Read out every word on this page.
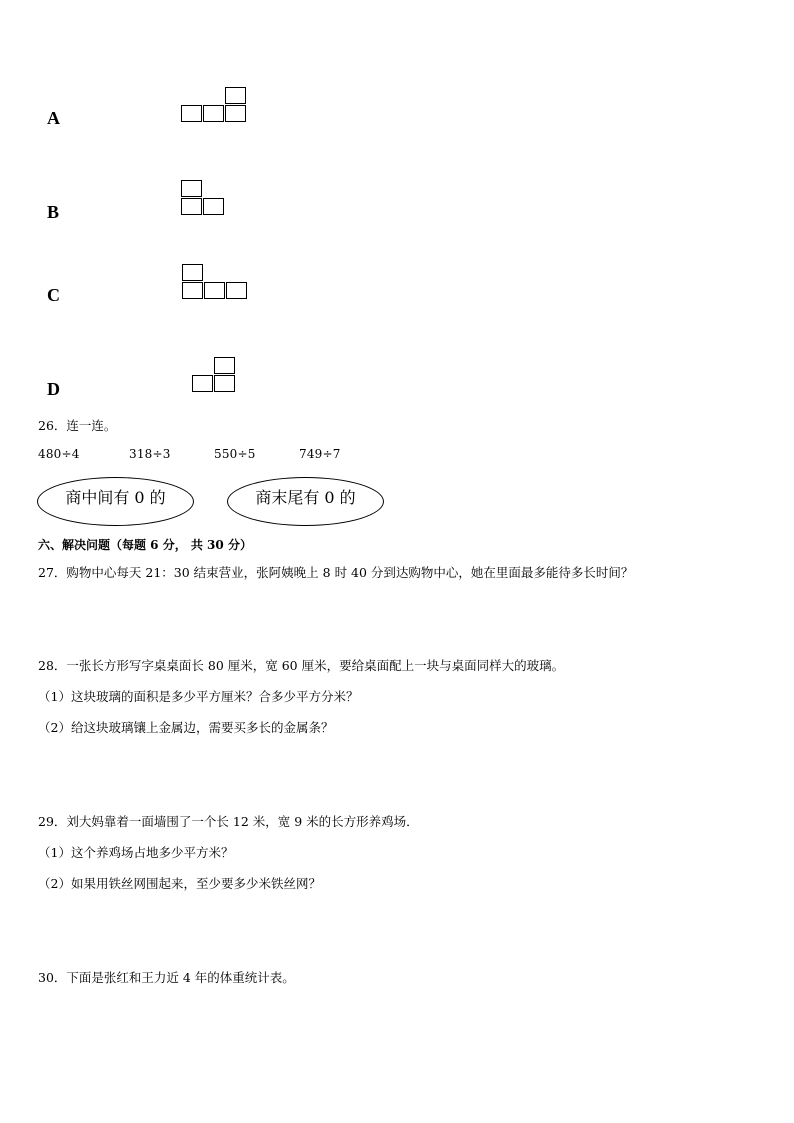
A
B
C
D
26．连一连。
480÷4	318÷3	550÷5	749÷7
商中间有 0 的	商末尾有 0 的
六、解决问题（每题 6 分， 共 30 分）
27．购物中心每天 21：30 结束营业，张阿姨晚上 8 时 40 分到达购物中心，她在里面最多能待多长时间？
28．一张长方形写字桌桌面长 80 厘米，宽 60 厘米，要给桌面配上一块与桌面同样大的玻璃。
（1）这块玻璃的面积是多少平方厘米？合多少平方分米？
（2）给这块玻璃镶上金属边，需要买多长的金属条？
29．刘大妈靠着一面墙围了一个长 12 米，宽 9 米的长方形养鸡场．
（1）这个养鸡场占地多少平方米？
（2）如果用铁丝网围起来，至少要多少米铁丝网？
30．下面是张红和王力近 4 年的体重统计表。
